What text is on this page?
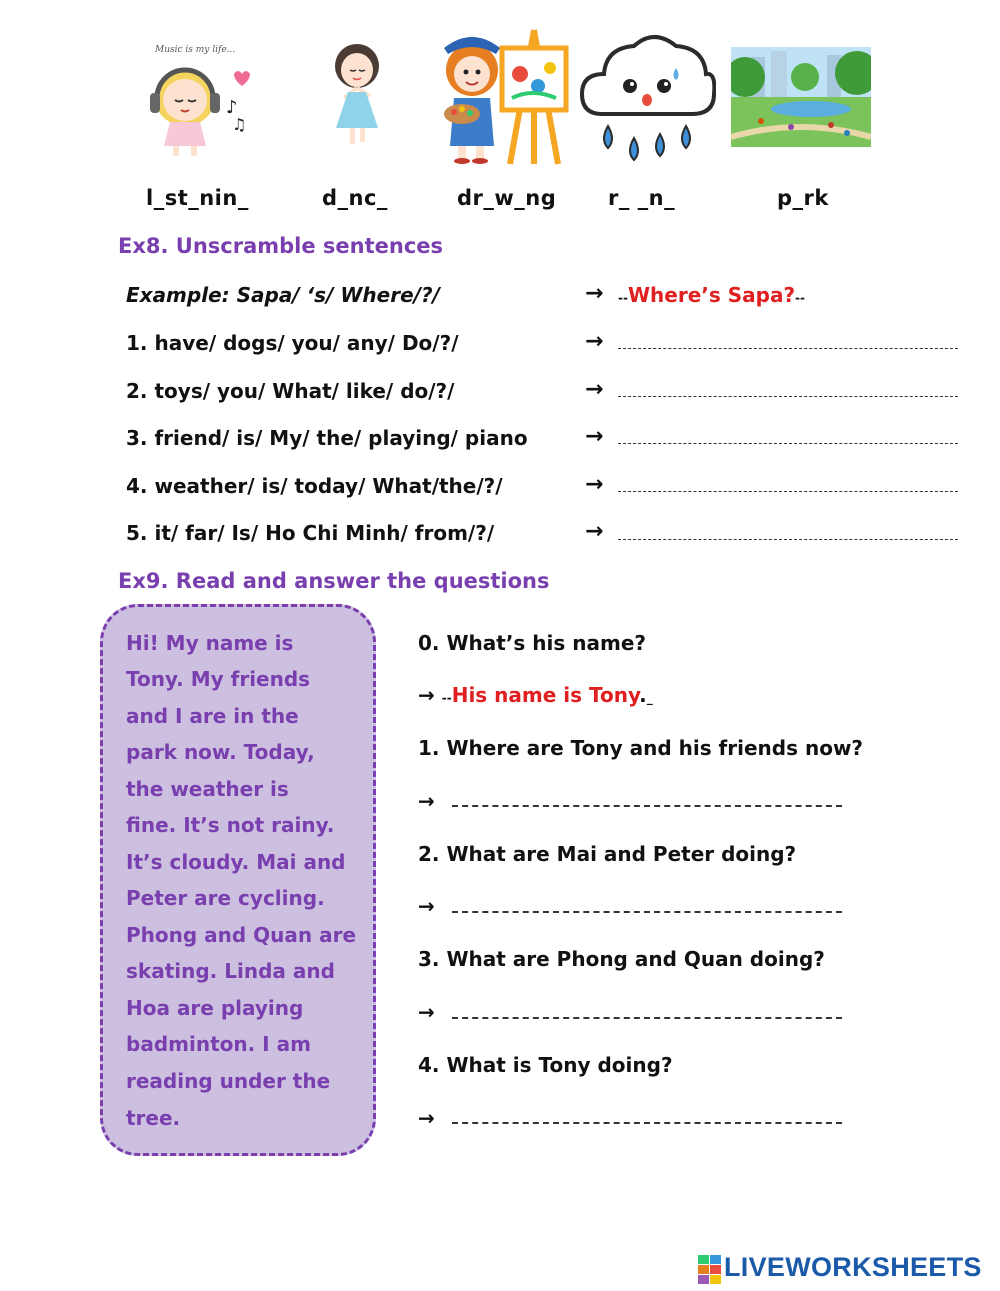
Music is my life...
♪
♫
l_st_nin_	d_nc_	dr_w_ng r_ _n_	p_rk
Ex8. Unscramble sentences
Example: Sapa/ ‘s/ Where/?/	→ --Where’s Sapa?--
1. have/ dogs/ you/ any/ Do/?/	→
2. toys/ you/ What/ like/ do/?/	→
3. friend/ is/ My/ the/ playing/ piano	→
4. weather/ is/ today/ What/the/?/	→
5. it/ far/ Is/ Ho Chi Minh/ from/?/	→
Ex9. Read and answer the questions
Hi! My name is
Tony. My friends
and I are in the
park now. Today,
the weather is
fine. It’s not rainy.
It’s cloudy. Mai and
Peter are cycling.
Phong and Quan are
skating. Linda and
Hoa are playing
badminton. I am
reading under the
tree.
0. What’s his name?
→ --His name is Tony._
1. Where are Tony and his friends now?
→
2. What are Mai and Peter doing?
→
3. What are Phong and Quan doing?
→
4. What is Tony doing?
→
LIVEWORKSHEETS
